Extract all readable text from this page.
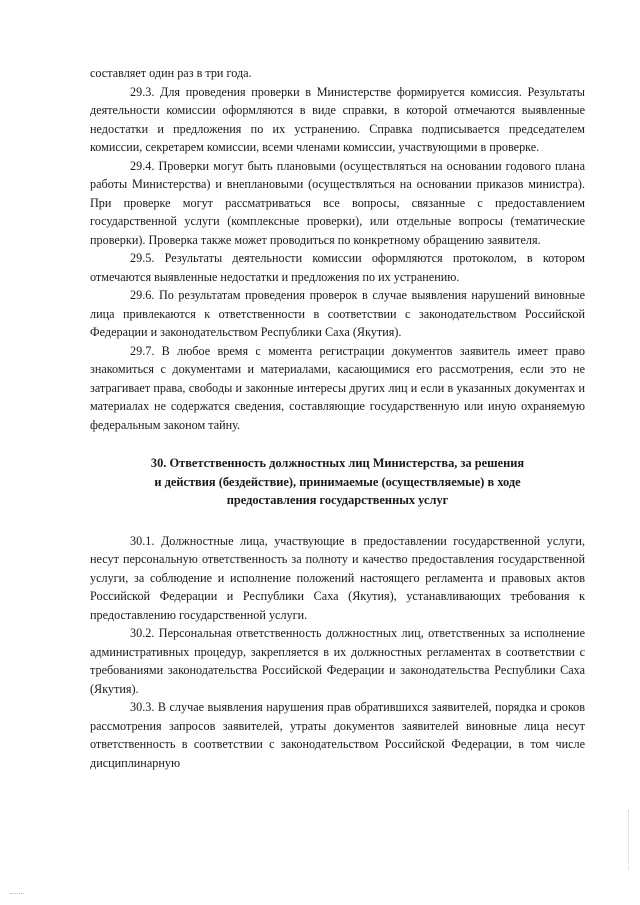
составляет один раз в три года.

29.3. Для проведения проверки в Министерстве формируется комиссия. Результаты деятельности комиссии оформляются в виде справки, в которой отмечаются выявленные недостатки и предложения по их устранению. Справка подписывается председателем комиссии, секретарем комиссии, всеми членами комиссии, участвующими в проверке.

29.4. Проверки могут быть плановыми (осуществляться на основании годового плана работы Министерства) и внеплановыми (осуществляться на основании приказов министра). При проверке могут рассматриваться все вопросы, связанные с предоставлением государственной услуги (комплексные проверки), или отдельные вопросы (тематические проверки). Проверка также может проводиться по конкретному обращению заявителя.

29.5. Результаты деятельности комиссии оформляются протоколом, в котором отмечаются выявленные недостатки и предложения по их устранению.

29.6. По результатам проведения проверок в случае выявления нарушений виновные лица привлекаются к ответственности в соответствии с законодательством Российской Федерации и законодательством Республики Саха (Якутия).

29.7. В любое время с момента регистрации документов заявитель имеет право знакомиться с документами и материалами, касающимися его рассмотрения, если это не затрагивает права, свободы и законные интересы других лиц и если в указанных документах и материалах не содержатся сведения, составляющие государственную или иную охраняемую федеральным законом тайну.

30. Ответственность должностных лиц Министерства, за решения
и действия (бездействие), принимаемые (осуществляемые) в ходе
предоставления государственных услуг

30.1. Должностные лица, участвующие в предоставлении государственной услуги, несут персональную ответственность за полноту и качество предоставления государственной услуги, за соблюдение и исполнение положений настоящего регламента и правовых актов Российской Федерации и Республики Саха (Якутия), устанавливающих требования к предоставлению государственной услуги.

30.2. Персональная ответственность должностных лиц, ответственных за исполнение административных процедур, закрепляется в их должностных регламентах в соответствии с требованиями законодательства Российской Федерации и законодательства Республики Саха (Якутия).

30.3. В случае выявления нарушения прав обратившихся заявителей, порядка и сроков рассмотрения запросов заявителей, утраты документов заявителей виновные лица несут ответственность в соответствии с законодательством Российской Федерации, в том числе дисциплинарную
